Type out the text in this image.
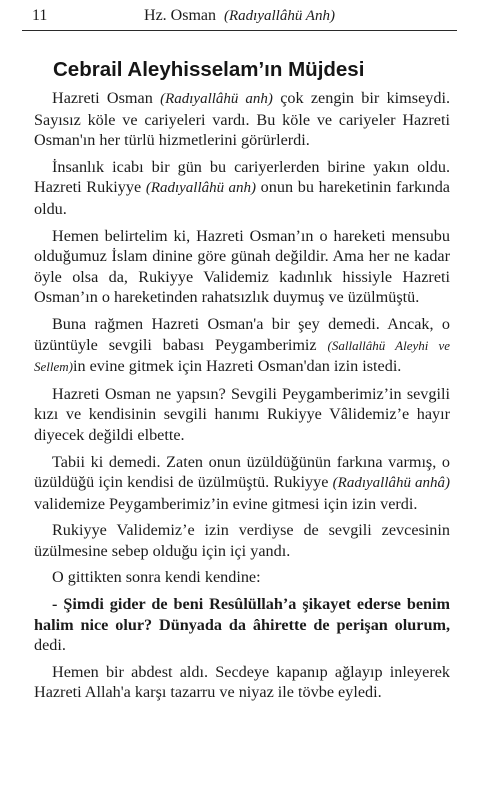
11	Hz. Osman (Radıyallâhü Anh)
Cebrail Aleyhisselam’ın Müjdesi

Hazreti Osman (Radıyallâhü anh) çok zengin bir kimseydi. Sayısız köle ve cariyeleri vardı. Bu köle ve cariyeler Hazreti Osman'ın her türlü hizmetlerini görürlerdi.

İnsanlık icabı bir gün bu cariyerlerden birine yakın oldu. Hazreti Rukiyye (Radıyallâhü anh) onun bu hareketinin farkında oldu.

Hemen belirtelim ki, Hazreti Osman’ın o hareketi mensubu olduğumuz İslam dinine göre günah değildir. Ama her ne kadar öyle olsa da, Rukiyye Validemiz kadınlık hissiyle Hazreti Osman’ın o hareketinden rahatsızlık duymuş ve üzülmüştü.

Buna rağmen Hazreti Osman'a bir şey demedi. Ancak, o üzüntüyle sevgili babası Peygamberimiz (Sallallâhü Aleyhi ve Sellem)in evine gitmek için Hazreti Osman'dan izin istedi.

Hazreti Osman ne yapsın? Sevgili Peygamberimiz’in sevgili kızı ve kendisinin sevgili hanımı Rukiyye Vâlidemiz’e hayır diyecek değildi elbette.

Tabii ki demedi. Zaten onun üzüldüğünün farkına varmış, o üzüldüğü için kendisi de üzülmüştü. Rukiyye (Radıyallâhü anhâ) validemize Peygamberimiz’in evine gitmesi için izin verdi.

Rukiyye Validemiz’e izin verdiyse de sevgili zevcesinin üzülmesine sebep olduğu için içi yandı.

O gittikten sonra kendi kendine:

- Şimdi gider de beni Resûlüllah’a şikayet ederse benim halim nice olur? Dünyada da âhirette de perişan olurum, dedi.

Hemen bir abdest aldı. Secdeye kapanıp ağlayıp inleyerek Hazreti Allah'a karşı tazarru ve niyaz ile tövbe eyledi.
